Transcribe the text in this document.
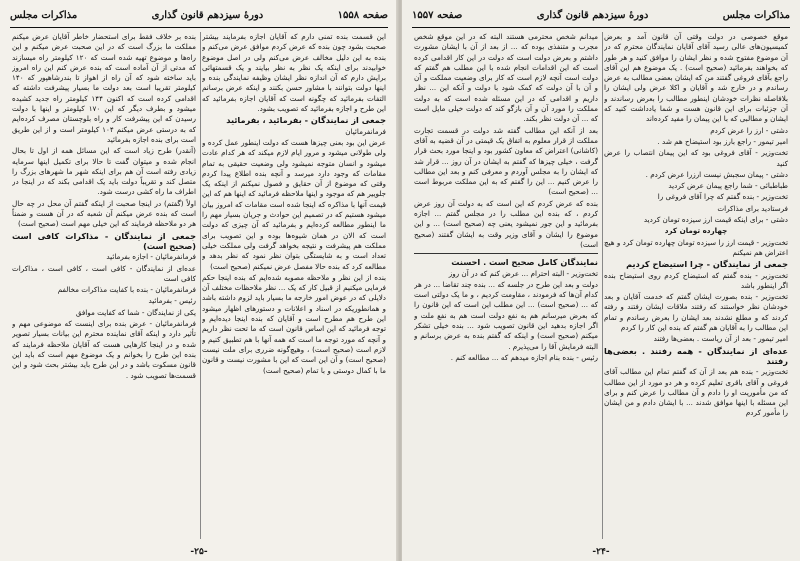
صفحه ۱۵۵۸
دورهٔ سیزدهم قانون گذاری
مذاکرات مجلس

این قسمت بنده تمنی دارم که آقایان اجازه بفرمایند بیشتر صحبت بشود چون بنده که عرض کردم موافق عرض می‌کنم و بنده به این دلیل مخالف عرض می‌کنم ولی در اصل موضوع خوابیدند برای اینکه یک نظر به نظر بیایند و یک قسمتهائی برایش دارم که آن اندازه نظر ایشان وظیفه نمایندگی بنده و اینها دولت بتوانند با مشاور حسن بکنند و اینکه عرض برسانم التفات بفرمائید که چگونه است که آقایان اجازه بفرمائید که این طرح و اجازه بفرمائید که تصویب بشود.

جمعی از نمایندگان - بفرمائید ، بفرمائید

فرمانفرمائیان

عرض این بود بعنی چیزها هست که دولت اینطور عمل کرده و ولی طولانی میشود و مرور ایام لازم میکند که هر کدام عادت میشود و انسان متوجه نمیشود ولی وضعیت حقیقی به تمام مقامات که وجود دارد میرسد و آنچه بنده اطلاع پیدا کردم وقتی که موضوع از آن حقایق و فصول نمیکنم از اینکه یک جلوییر هم که موجود و اینها ملاحظه فرمائید که اینها هم که این قیمت آنها با مذاکره که اینجا شده است مقامات که امروز بیان میشود هستیم که در تصمیم این حوادث و جریان بسیار مهم را ما اینطور مطالعه کرده‌ایم و بفرمائید که آن چیزی که دولت است که الان در همان شیوه‌ها بوده و این تصویب برای مملکت هم پیشرفت و نتیجه بخواهد گرفت ولی مملکت خیلی تعداد است و به شایستگی بتوان نظر نمود که نظر بدهد و مطالعه کرد که بنده حالا مفصل عرض نمیکنم (صحیح است)

بنده از این نظر و ملاحظه مصوبه شده‌ایم که بنده اینجا حکم فرمایی میکنیم از قبیل کار که یک ... نظر ملاحظات مختلف آن دلایلی که در عوض امور خارجه ما بسیار باید لزوم داشته باشد و همانطوریکه در اسناد و اعلانات و دستورهای اظهار میشود این طرح هم مطرح است و آقایان که بنده اینجا دیده‌ایم و توجه فرمائید که این اساس قانون است که ما تحت نظر داریم و آنچه که مورد توجه ما است که همه آنها با هم تطبیق کنیم و لازم است (صحیح است) ، وهیچ‌گونه ضرری برای ملت نیست (صحیح است) و آن این است که این با مشورت نیست و قانون ما با کمال دوستی و با تمام (صحیح است)

بنده بر خلاف فقط برای استحضار خاطر آقایان عرض میکنم مملکت ما بزرگ است که در این صحبت عرض میکنم و این راه‌ها و موضوع تهیه شده است که ۱۲۰ کیلومتر راه میسازند که مدتی از آن آماده است که بنده عرض کنم این راه امروز باید ساخته شود که آن راه از اهواز تا بندرشاهپور که ۱۴۰ کیلومتر تقریبا است بعد دولت ما بسیار پیشرفت داشته که اقدامی کرده است که اکنون ۱۴۴ کیلومتر راه جدید کشیده میشود و بطرف دیگر که این ۱۷۰ کیلومتر و اینها با دولت رسیدن که این پیشرفت کار و راه بلوچستان مصرف کرده‌ایم که به درستی عرض میکنم ۱۰۴ کیلومتر است و از این طریق است برای بنده اجازه بفرمائید

(آنقدر) طرح زیاد است که این مسائل همه از اول تا بحال انجام شده و میتوان گفت تا حالا برای تکمیل اینها سرمایه زیادی رفته است آن هم برای اینکه شهر ما شهرهای بزرگ را متصل کند و تقریباً دولت باید یک اقدامی بکند که در اینجا در اطراف ما راه کشی درست شود.

اولاً (گفتم) در اینجا صحبت از اینکه گفتم آن محل در چه حال است که بنده عرض میکنم آن شعبه که در آن هست و ضمناً هر دو ملاحظه فرمایند که این خیلی مهم است (صحیح است)

جمعی از نمایندگان - مذاکرات کافی است (صحیح است)

فرمانفرمائیان - اجازه بفرمائید

عده‌ای از نمایندگان - کافی است ، کافی است ، مذاکرات کافی است

فرمانفرمائیان - بنده با کفایت مذاکرات مخالفم

رئیس - بفرمائید

یکی از نمایندگان - شما که کفایت موافق

فرمانفرمائیان - عرض بنده برای اینست که موضوعی مهم و تأثیر دارد و اینکه آقای نماینده محترم این بیانات بسیار تصویر شده و در اینجا کارهایی هست که آقایان ملاحظه فرمایند که بنده این طرح را بخوانم و یک موضوع مهم است که باید این قانون مسکوت باشد و در این طرح باید بیشتر بحث شود و این قسمت‌ها تصویب شود .

-۲۵-
مذاکرات مجلس
دورهٔ سیزدهم قانون گذاری
صفحه ۱۵۵۷

موقع خصوصی در دولت وقتی آن قانون آمد و بعرض کمیسیون‌های عالی رسید آقای آقایان نمایندگان محترم که در آن موضوع مفتوح شده و نظر ایشان را موافق کنید و هر طور که بخواهند بفرمائید (صحیح است) . یک موضوع هم این آقای راجع بآقای فروغی گفتند من که ایشان بعضی مطالب به عرض رساندم و در خارج شد و آقایان و اکلا عرض ولی ایشان را بلافاصله نظرات خودشان اینطور مطالب را بعرض رساندند و آن جزئیات برای این قانون هست و شما یادداشت کنید که ایشان و مطالبی که با این پیمان را مفید کرده‌اند

دشتی - ارز را عرض کردم

امیر تیمور - راجع بارز بود استیضاح هم شد .

تخت‌وزیر - آقای فروغی بود که این پیمان انتصاب را عرض کنید

دشتی - پیمان سجبش نیست ارزرا عرض کردم .

طباطبائی - شما راجع پیمان عرض کردید

تخت‌وزیر - بنده گفتم که چرا آقای فروغی را

فرستادید برای مذاکرات

دشتی - برای اینکه قیمت ارز سیزده تومان کردید

چهارده تومان کرد

تخت‌وزیر - قیمت ارز را سیزده تومان چهارده تومان کرد و هیچ اعتراض هم نمیکنم

جمعی از نمایندگان - چرا استیضاح کردیم

تخت‌وزیر - بنده گفتم که استیضاح کردم روی استیضاح بنده اگر اینطور باشد

تخت‌وزیر - بنده بصورت ایشان گفتم که خدمت آقایان و بعد خودشان نظر خواستند که رفتند ملاقات ایشان رفتند و رفته کردند که و مطلع نشدند بعد ایشان را بعرض رساندم و تمام این مطالب را به آقایان هم گفتم که بنده این کار را کردم

امیر تیمور - بعد از آن ریاست . بعضی‌ها رفتند

عده‌ای از نمایندگان - همه رفتند . بعضی‌ها رفتند

تخت‌وزیر - بنده هم بعد از آن که گفتم تمام این مطالب آقای فروغی و آقای باقری تعلیم کرده و هر دو مورد از این مطالب که من مأموریت او را دادم و آن مطالب را عرض کنم و برای این مسئله با اینها موافق شدند ... با ایشان دادم و من ایشان را مأمور کردم

میدانم شخص محترمی هستند البته که در این موقع شخص مجرب و متنفذی بوده که ... از بعد از آن با ایشان مشورت داشتم و بعرض دولت است که دولت در این کار اقدامی کرده است که این اقدامات انجام شده با این مطلب هم گفتم که دولت است آنچه لازم است که کار برای وضعیت مملکت و آن و آن با آن دولت که کمک شود با دولت و آنکه این ... نظر داریم و اقدامی که در این مسئله شده است که به دولت مملکت را مورد آن و آن بازگو کند که دولت خیلی مایل است که ... آن دولت نظر بکند.

بعد از آنکه این مطالب گفته شد دولت در قسمت تجارت مملکت از قرار معلوم به اتفاق یک قیمتی در آن قضیه به آقای (کاشانی) اعتراض که معاون کشور بود و اینجا مورد بحث قرار گرفت ، خیلی چیزها که گفتم به ایشان در آن روز ... قرار شد که ایشان را به مجلس آوردم و معرفی کنم و بعد این مطالب را عرض کنیم ... این را گفتم که به این مملکت مربوط است ... (صحیح است)

بنده که عرض کردم که این است که به دولت آن روز عرض کردم ، که بنده این مطلب را در مجلس گفتم ... اجازه بفرمائید و این جور نمیشود یعنی چه (صحیح است) ... و این موضوع را ایشان و آقای وزیر وقت به ایشان گفتند (صحیح است)

نمایندگان کامل صحیح است . احسنت

تخت‌وزیر - البته احترام‌ ... عرض کنم که در آن روز

دولت و بعد این طرح در جلسه که ... بنده چند تقاضا ... در هر کدام آن‌ها که فرمودند ، مقاومت کردیم ، و ما یک دولتی است که ... (صحیح است) ... این مطلب این است که این قانون را که بعرض میرسانم هم به نفع دولت است هم به نفع ملت و اگر اجازه بدهید این قانون تصویب شود ... بنده خیلی تشکر میکنم (صحیح است) و اینکه که گفتم بنده به عرض برسانم و البته فرمایش آقا را می‌پذیرم .

رئیس - بنده بنام اجازه میدهم که ... مطالعه کنم .

-۲۴-
